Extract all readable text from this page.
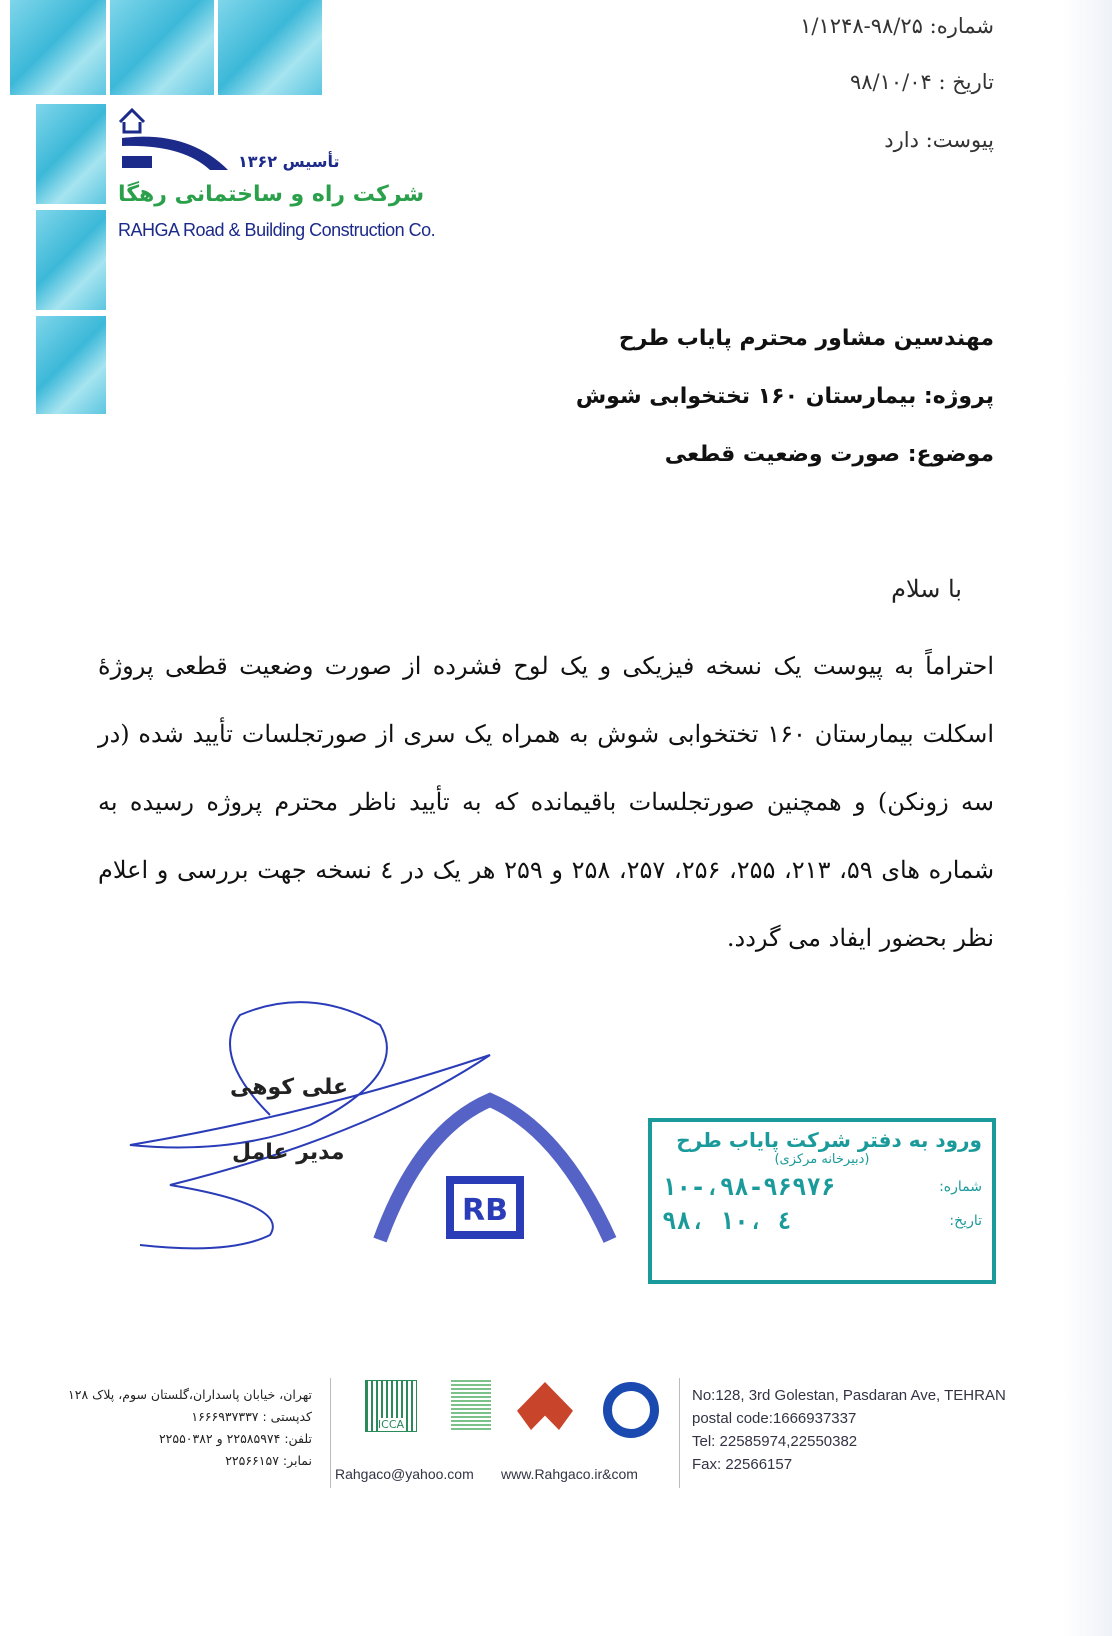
شماره: ۹۸/۲۵-۱/۱۲۴۸
تاریخ : ۹۸/۱۰/۰۴
پیوست: دارد
تأسیس ۱۳۶۲
شرکت راه و ساختمانی رهگا
RAHGA Road & Building Construction Co.
مهندسین مشاور محترم پایاب طرح
پروژه: بیمارستان ۱۶۰ تختخوابی شوش
موضوع: صورت وضعیت قطعی
با سلام
احتراماً به پیوست یک نسخه فیزیکی و یک لوح فشرده از صورت وضعیت قطعی پروژهٔ اسکلت بیمارستان ۱۶۰ تختخوابی شوش به همراه یک سری از صورتجلسات تأیید شده (در سه زونکن) و همچنین صورتجلسات باقیمانده که به تأیید ناظر محترم پروژه رسیده به شماره های ۵۹، ۲۱۳، ۲۵۵، ۲۵۶، ۲۵۷، ۲۵۸ و ۲۵۹ هر یک در ٤ نسخه جهت بررسی و اعلام نظر بحضور ایفاد می گردد.
RB
علی کوهی
مدیر عامل	ورود به دفتر شرکت پایاب طرح
(دبیرخانه مرکزی)
شماره:
۱۰-،۹۸-۹۶۹۷۶
تاریخ:
۹۸، ۱۰، ٤
تهران، خیابان پاسداران،گلستان سوم، پلاک ۱۲۸
کدپستی : ۱۶۶۶۹۳۷۳۳۷
تلفن: ۲۲۵۸۵۹۷۴ و ۲۲۵۵۰۳۸۲
نمابر: ۲۲۵۶۶۱۵۷
ICCA
Rahgaco@yahoo.com www.Rahgaco.ir&com
No:128, 3rd Golestan, Pasdaran Ave, TEHRAN
postal code:1666937337
Tel: 22585974,22550382
Fax: 22566157
